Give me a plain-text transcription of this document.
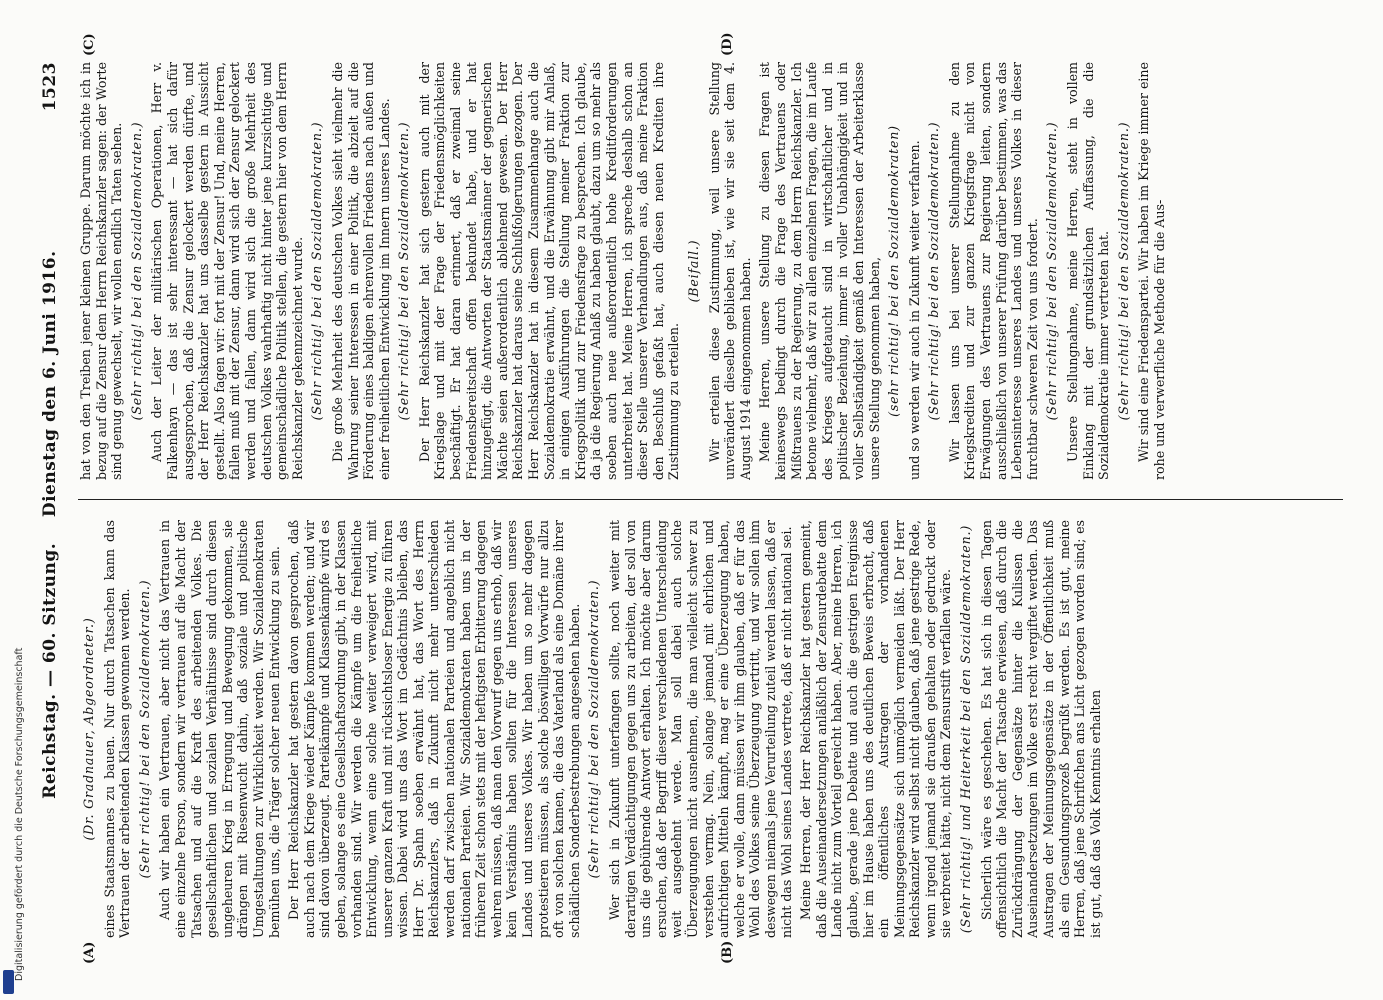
Reichstag. — 60. Sitzung.    Dienstag den 6. Juni 1916.
1523
(A)	(B)
(C)	(D)

(Dr. Gradnauer, Abgeordneter.) eines Staatsmannes zu bauen. Nur durch Tatsachen kann das Vertrauen der arbeitenden Klassen gewonnen werden. (Sehr richtig! bei den Sozialdemokraten.) Auch wir haben ein Vertrauen, aber nicht das Vertrauen in eine einzelne Person, sondern wir vertrauen auf die Macht der Tatsachen und auf die Kraft des arbeitenden Volkes. Die gesellschaftlichen und sozialen Verhältnisse sind durch diesen ungeheuren Krieg in Erregung und Bewegung gekommen, sie drängen mit Riesenwucht dahin, daß soziale und politische Umgestaltungen zur Wirklichkeit werden. Wir Sozialdemokraten bemühen uns, die Träger solcher neuen Entwicklung zu sein. Der Herr Reichskanzler hat gestern davon gesprochen, daß auch nach dem Kriege wieder Kämpfe kommen werden; und wir sind davon überzeugt. Parteikämpfe und Klassenkämpfe wird es geben, solange es eine Gesellschaftsordnung gibt, in der Klassen vorhanden sind. Wir werden die Kämpfe um die freiheitliche Entwicklung, wenn eine solche weiter verweigert wird, mit unserer ganzen Kraft und mit rücksichtsloser Energie zu führen wissen. Dabei wird uns das Wort im Gedächtnis bleiben, das Herr Dr. Spahn soeben erwähnt hat, das Wort des Herrn Reichskanzlers, daß in Zukunft nicht mehr unterschieden werden darf zwischen nationalen Parteien und angeblich nicht nationalen Parteien. Wir Sozialdemokraten haben uns in der früheren Zeit schon stets mit der heftigsten Erbitterung dagegen wehren müssen, daß man den Vorwurf gegen uns erhob, daß wir kein Verständnis haben sollten für die Interessen unseres Landes und unseres Volkes. Wir haben um so mehr dagegen protestieren müssen, als solche böswilligen Vorwürfe nur allzu oft von solchen kamen, die das Vaterland als eine Domäne ihrer schädlichen Sonderbestrebungen angesehen haben. (Sehr richtig! bei den Sozialdemokraten.) Wer sich in Zukunft unterfangen sollte, noch weiter mit derartigen Verdächtigungen gegen uns zu arbeiten, der soll von uns die gebührende Antwort erhalten. Ich möchte aber darum ersuchen, daß der Begriff dieser verschiedenen Unterscheidung weit ausgedehnt werde. Man soll dabei auch solche Überzeugungen nicht ausnehmen, die man vielleicht schwer zu verstehen vermag. Nein, solange jemand mit ehrlichen und aufrichtigen Mitteln kämpft, mag er eine Überzeugung haben, welche er wolle, dann müssen wir ihm glauben, daß er für das Wohl des Volkes seine Überzeugung vertritt, und wir sollen ihm deswegen niemals jene Verurteilung zuteil werden lassen, daß er nicht das Wohl seines Landes vertrete, daß er nicht national sei. Meine Herren, der Herr Reichskanzler hat gestern gemeint, daß die Auseinandersetzungen anläßlich der Zensurdebatte dem Lande nicht zum Vorteil gereicht haben. Aber, meine Herren, ich glaube, gerade jene Debatte und auch die gestrigen Ereignisse hier im Hause haben uns des deutlichen Beweis erbracht, daß ein öffentliches Austragen der vorhandenen Meinungsgegensätze sich unmöglich vermeiden läßt. Der Herr Reichskanzler wird selbst nicht glauben, daß jene gestrige Rede, wenn irgend jemand sie draußen gehalten oder gedruckt oder sie verbreitet hätte, nicht dem Zensurstift verfallen wäre. (Sehr richtig! und Heiterkeit bei den Sozialdemokraten.) Sicherlich wäre es geschehen. Es hat sich in diesen Tagen offensichtlich die Macht der Tatsache erwiesen, daß durch die Zurückdrängung der Gegensätze hinter die Kulissen die Auseinandersetzungen im Volke erst recht vergiftet werden. Das Austragen der Meinungsgegensätze in der Öffentlichkeit muß als ein Gesundungsprozeß begrüßt werden. Es ist gut, meine Herren, daß jene Schriftchen ans Licht gezogen worden sind; es ist gut, daß das Volk Kenntnis erhalten

hat von den Treiben jener kleinen Gruppe. Darum möchte ich in bezug auf die Zensur dem Herrn Reichskanzler sagen: der Worte sind genug gewechselt, wir wollen endlich Taten sehen. (Sehr richtig! bei den Sozialdemokraten.) Auch der Leiter der militärischen Operationen, Herr v. Falkenhayn — das ist sehr interessant — hat sich dafür ausgesprochen, daß die Zensur gelockert werden dürfte, und der Herr Reichskanzler hat uns dasselbe gestern in Aussicht gestellt. Also fagen wir: fort mit der Zensur! Und, meine Herren, fallen muß mit der Zensur, dann wird sich der Zensur gelockert werden und fallen, dann wird sich die große Mehrheit des deutschen Volkes wahrhaftig nicht hinter jene kurzsichtige und gemeinschädliche Politik stellen, die gestern hier von dem Herrn Reichskanzler gekennzeichnet wurde. (Sehr richtig! bei den Sozialdemokraten.) Die große Mehrheit des deutschen Volkes sieht vielmehr die Wahrung seiner Interessen in einer Politik, die abzielt auf die Förderung eines baldigen ehrenvollen Friedens nach außen und einer freiheitlichen Entwicklung im Innern unseres Landes. (Sehr richtig! bei den Sozialdemokraten.) Der Herr Reichskanzler hat sich gestern auch mit der Kriegslage und mit der Frage der Friedensmöglichkeiten beschäftigt. Er hat daran erinnert, daß er zweimal seine Friedensbereitschaft offen bekundet habe, und er hat hinzugefügt, die Antworten der Staatsmänner der gegnerischen Mächte seien außerordentlich ablehnend gewesen. Der Herr Reichskanzler hat daraus seine Schlußfolgerungen gezogen. Der Herr Reichskanzler hat in diesem Zusammenhange auch die Sozialdemokratie erwähnt, und die Erwähnung gibt mir Anlaß, in einigen Ausführungen die Stellung meiner Fraktion zur Kriegspolitik und zur Friedensfrage zu besprechen. Ich glaube, da ja die Regierung Anlaß zu haben glaubt, dazu um so mehr als soeben auch neue außerordentlich hohe Kreditforderungen unterbreitet hat. Meine Herren, ich spreche deshalb schon an dieser Stelle unserer Verhandlungen aus, daß meine Fraktion den Beschluß gefaßt hat, auch diesen neuen Krediten ihre Zustimmung zu erteilen.

(Beifall.) Wir erteilen diese Zustimmung, weil unsere Stellung unverändert dieselbe geblieben ist, wie wir sie seit dem 4. August 1914 eingenommen haben. Meine Herren, unsere Stellung zu diesen Fragen ist keineswegs bedingt durch die Frage des Vertrauens oder Mißtrauens zu der Regierung, zu dem Herrn Reichskanzler. Ich betone vielmehr, daß wir zu allen einzelnen Fragen, die im Laufe des Krieges aufgetaucht sind in wirtschaftlicher und in politischer Beziehung, immer in voller Unabhängigkeit und in voller Selbständigkeit gemäß den Interessen der Arbeiterklasse unsere Stellung genommen haben, (sehr richtig! bei den Sozialdemokraten) und so werden wir auch in Zukunft weiter verfahren. (Sehr richtig! bei den Sozialdemokraten.) Wir lassen uns bei unserer Stellungnahme zu den Kriegskrediten und zur ganzen Kriegsfrage nicht von Erwägungen des Vertrauens zur Regierung leiten, sondern ausschließlich von unserer Prüfung darüber bestimmen, was das Lebensinteresse unseres Landes und unseres Volkes in dieser furchtbar schweren Zeit von uns fordert. (Sehr richtig! bei den Sozialdemokraten.) Unsere Stellungnahme, meine Herren, steht in vollem Einklang mit der grundsätzlichen Auffassung, die die Sozialdemokratie immer vertreten hat. (Sehr richtig! bei den Sozialdemokraten.) Wir sind eine Friedenspartei. Wir haben im Kriege immer eine rohe und verwerfliche Methode für die Aus-

Digitalisierung gefördert durch die Deutsche Forschungsgemeinschaft
